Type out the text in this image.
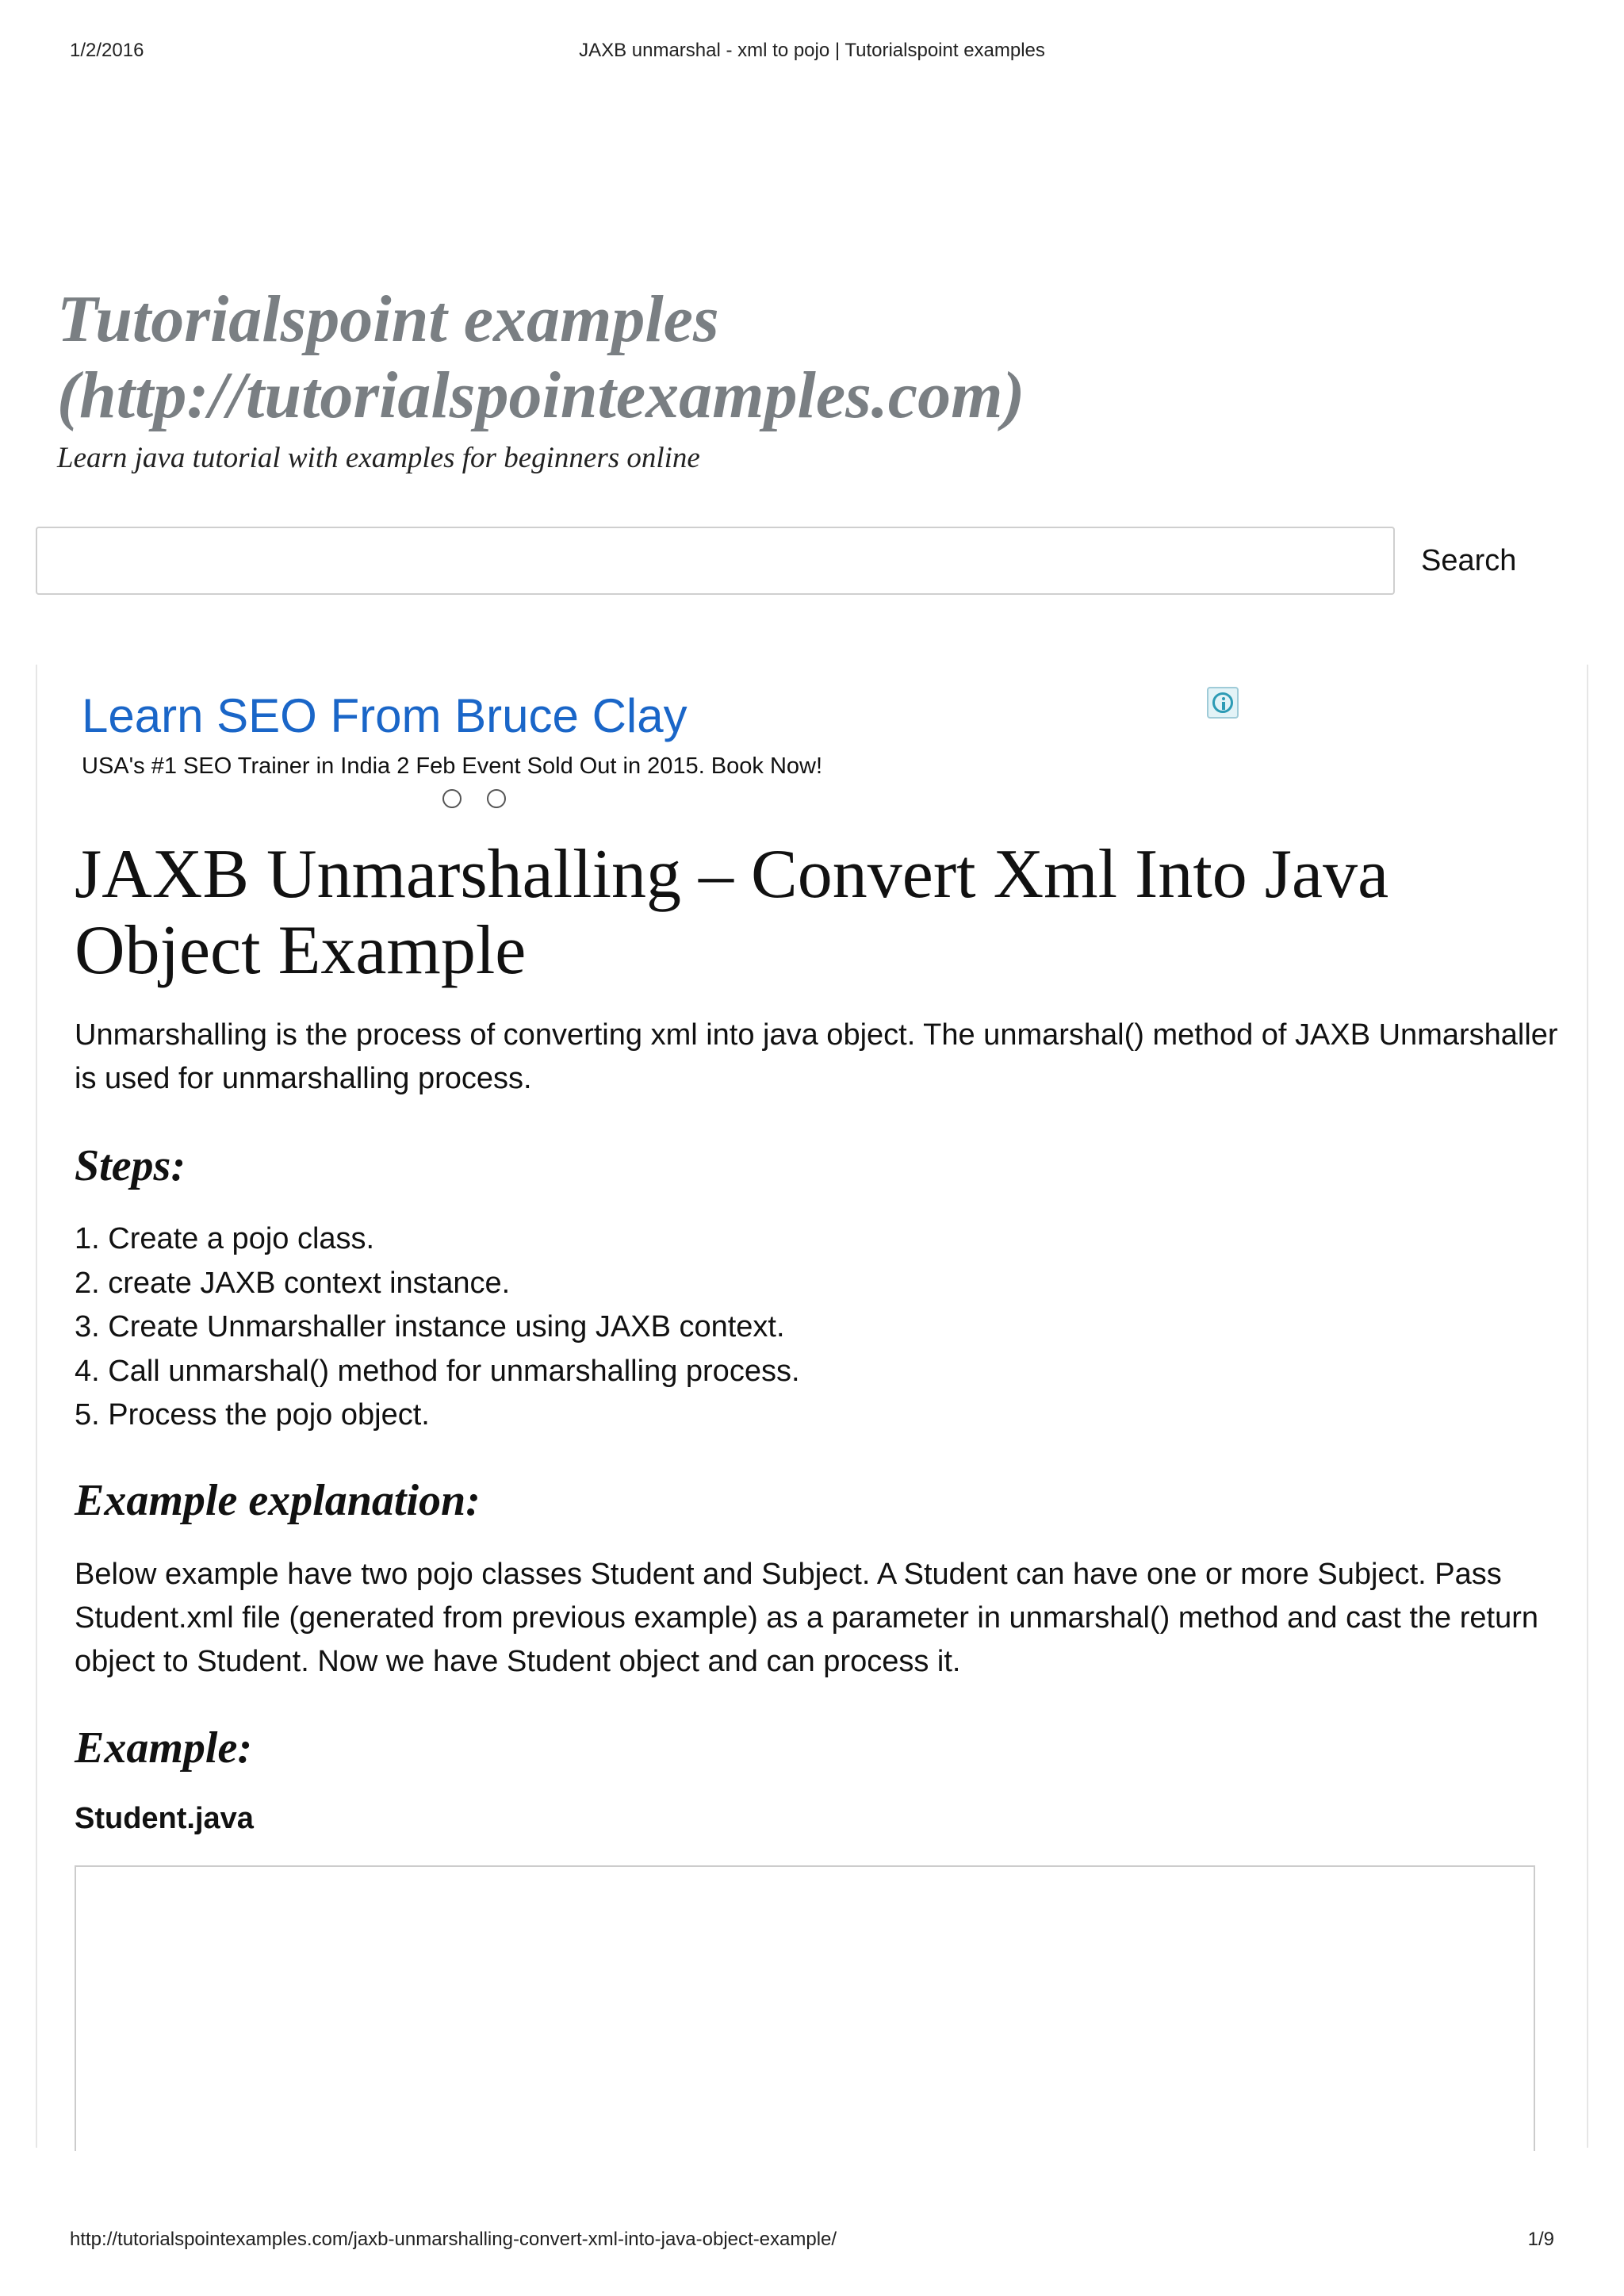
1/2/2016	JAXB unmarshal - xml to pojo | Tutorialspoint examples
Tutorialspoint examples (http://tutorialspointexamples.com)
Learn java tutorial with examples for beginners online
Search
Learn SEO From Bruce Clay
USA's #1 SEO Trainer in India 2 Feb Event Sold Out in 2015. Book Now!
JAXB Unmarshalling – Convert Xml Into Java Object Example

Unmarshalling is the process of converting xml into java object. The unmarshal() method of JAXB Unmarshaller is used for unmarshalling process.

Steps:
1. Create a pojo class.
2. create JAXB context instance.
3. Create Unmarshaller instance using JAXB context.
4. Call unmarshal() method for unmarshalling process.
5. Process the pojo object.
Example explanation:

Below example have two pojo classes Student and Subject. A Student can have one or more Subject. Pass Student.xml file (generated from previous example) as a parameter in unmarshal() method and cast the return object to Student. Now we have Student object and can process it.

Example:
Student.java
http://tutorialspointexamples.com/jaxb-unmarshalling-convert-xml-into-java-object-example/	1/9
